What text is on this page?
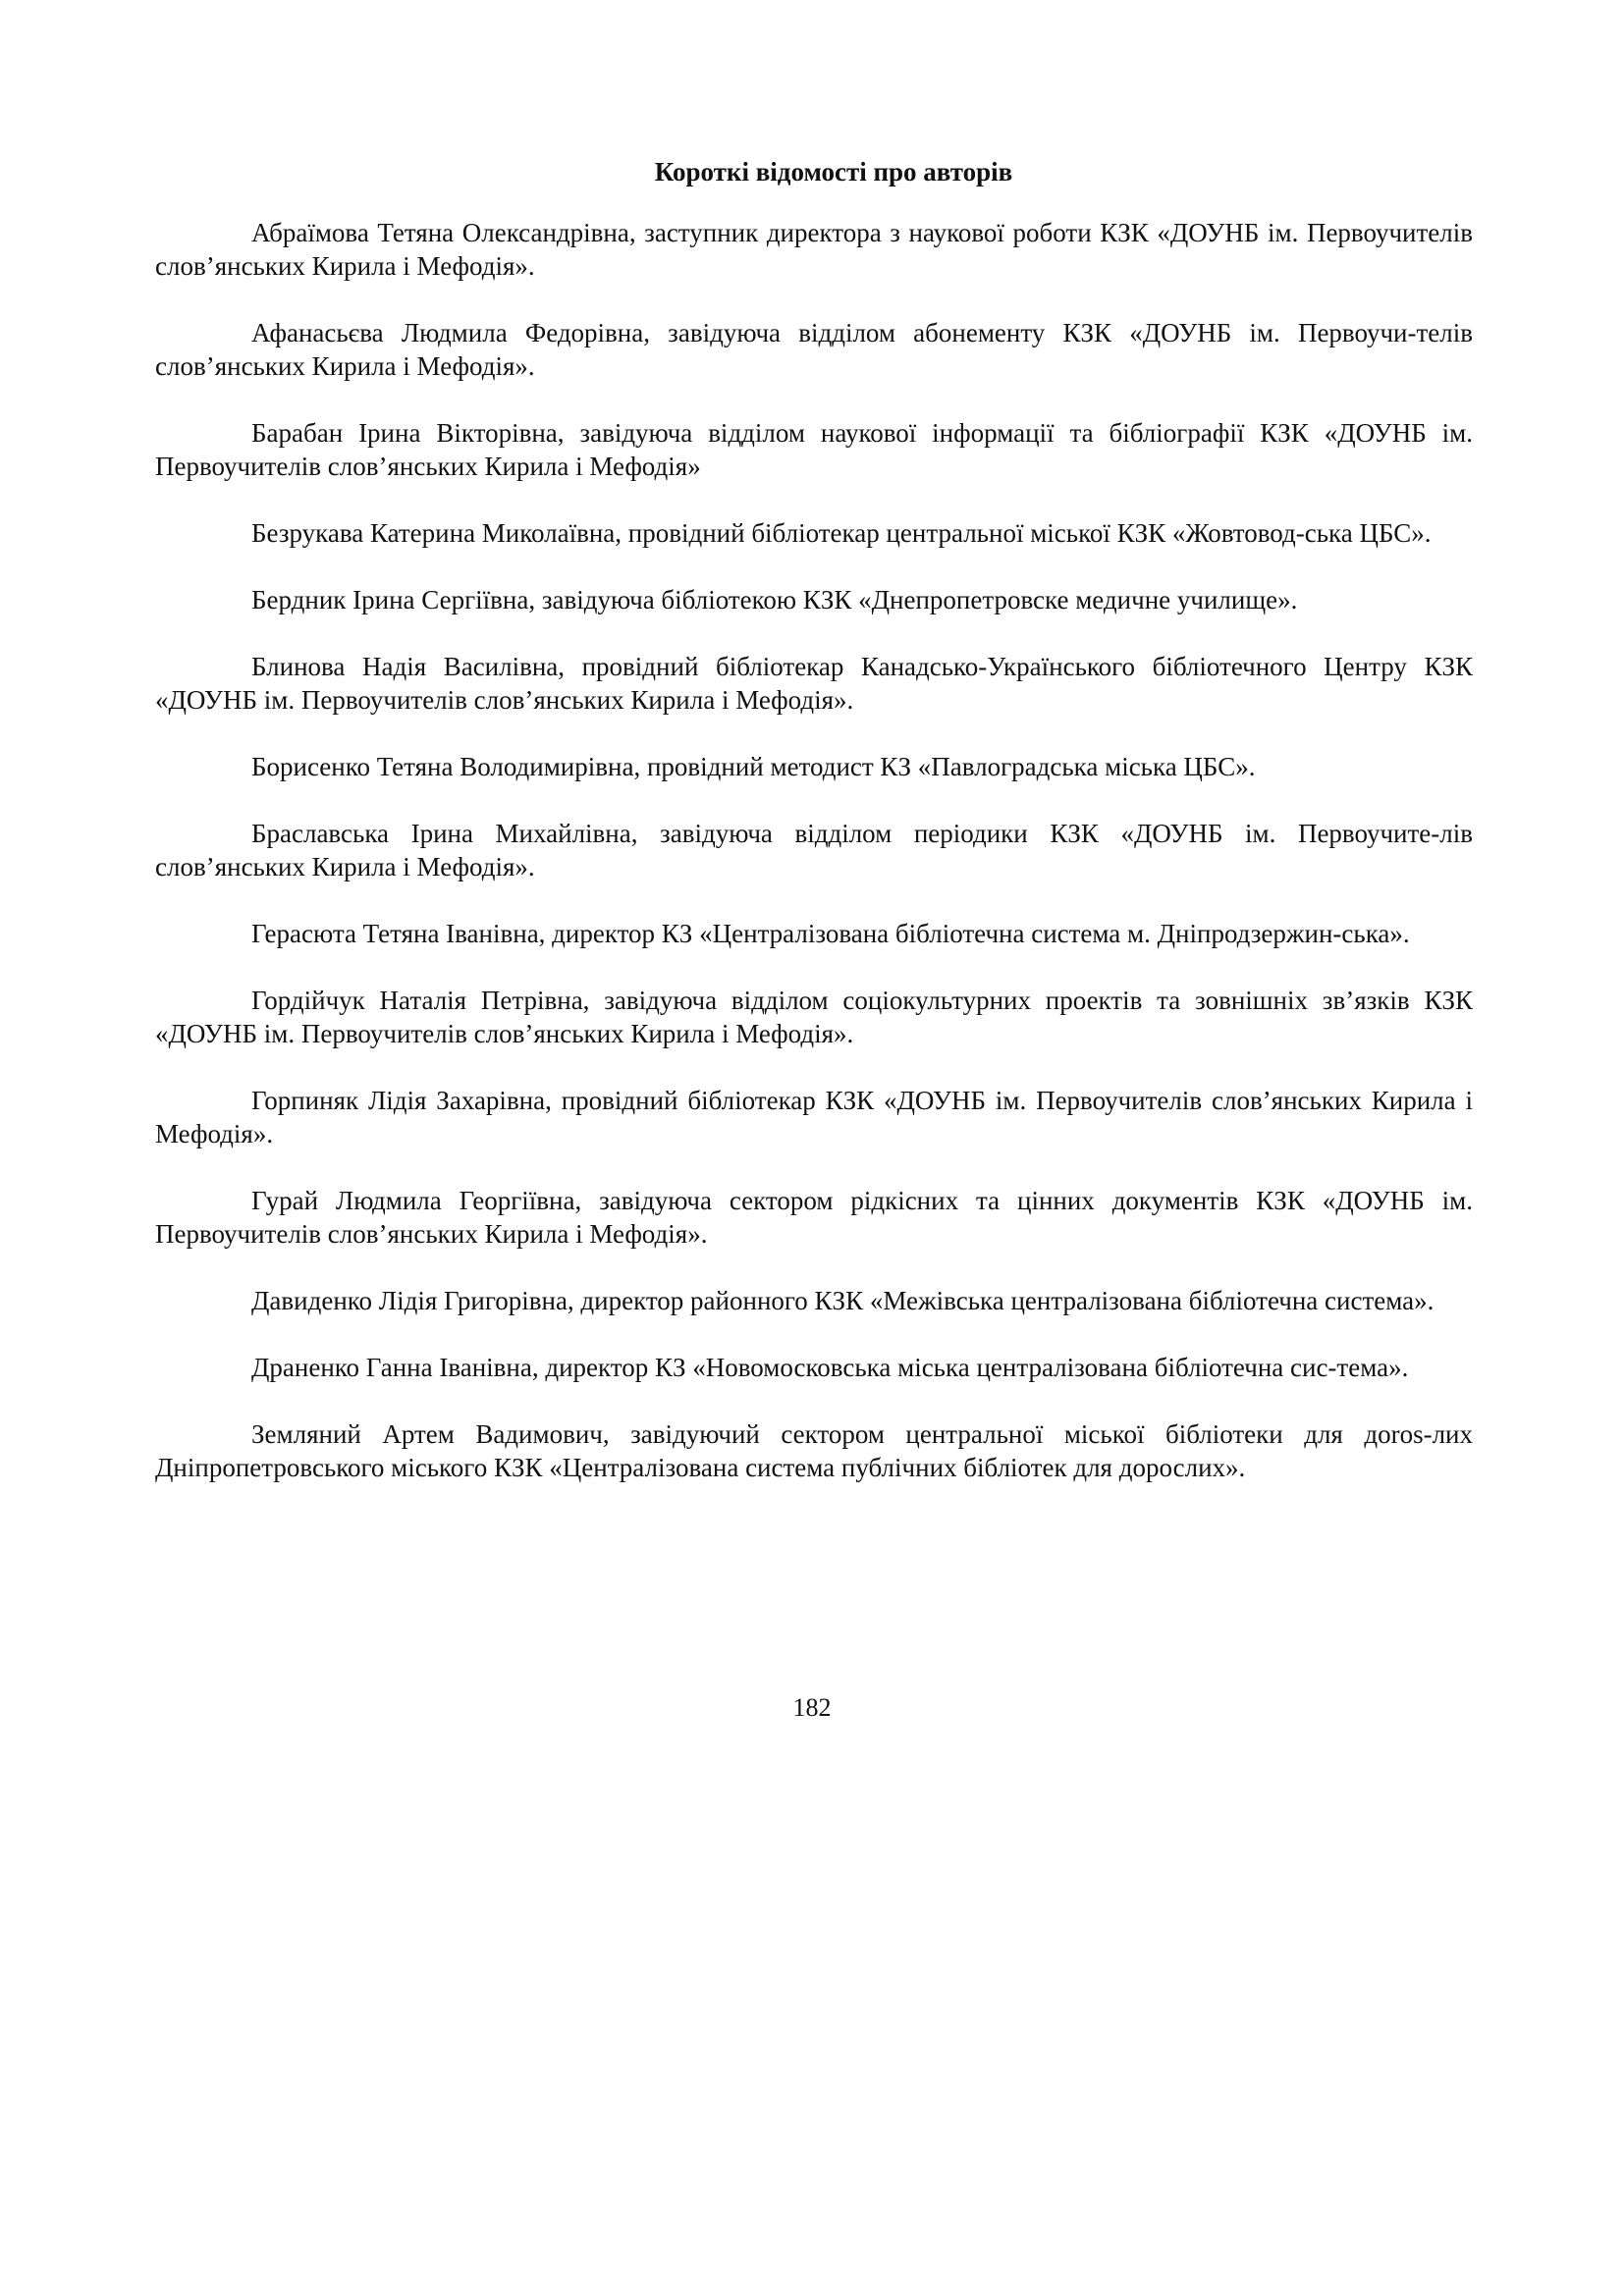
Короткі відомості про авторів

Абраїмова Тетяна Олександрівна, заступник директора з наукової роботи КЗК «ДОУНБ ім. Первоучителів слов’янських Кирила і Мефодія».

Афанасьєва Людмила Федорівна, завідуюча відділом абонементу КЗК «ДОУНБ ім. Первоучи-телів слов’янських Кирила і Мефодія».

Барабан Ірина Вікторівна, завідуюча відділом наукової інформації та бібліографії КЗК «ДОУНБ ім. Первоучителів слов’янських Кирила і Мефодія»

Безрукава Катерина Миколаївна, провідний бібліотекар центральної міської КЗК «Жовтовод-ська ЦБС».

Бердник Ірина Сергіївна, завідуюча бібліотекою КЗК «Днепропетровске медичне училище».

Блинова Надія Василівна, провідний бібліотекар Канадсько-Українського бібліотечного Центру КЗК «ДОУНБ ім. Первоучителів слов’янських Кирила і Мефодія».

Борисенко Тетяна Володимирівна, провідний методист КЗ «Павлоградська міська ЦБС».

Браславська Ірина Михайлівна, завідуюча відділом періодики КЗК «ДОУНБ ім. Первоучите-лів слов’янських Кирила і Мефодія».

Герасюта Тетяна Іванівна, директор КЗ «Централізована бібліотечна система м. Дніпродзержин-ська».

Гордійчук Наталія Петрівна, завідуюча відділом соціокультурних проектів та зовнішніх зв’язків КЗК «ДОУНБ ім. Первоучителів слов’янських Кирила і Мефодія».

Горпиняк Лідія Захарівна, провідний бібліотекар КЗК «ДОУНБ ім. Первоучителів слов’янських Кирила і Мефодія».

Гурай Людмила Георгіївна, завідуюча сектором рідкісних та цінних документів КЗК «ДОУНБ ім. Первоучителів слов’янських Кирила і Мефодія».

Давиденко Лідія Григорівна, директор районного КЗК «Межівська централізована бібліотечна система».

Драненко Ганна Іванівна, директор КЗ «Новомосковська міська централізована бібліотечна сис-тема».

Земляний Артем Вадимович, завідуючий сектором центральної міської бібліотеки для доros-лих Дніпропетровського міського КЗК «Централізована система публічних бібліотек для дорослих».

182
